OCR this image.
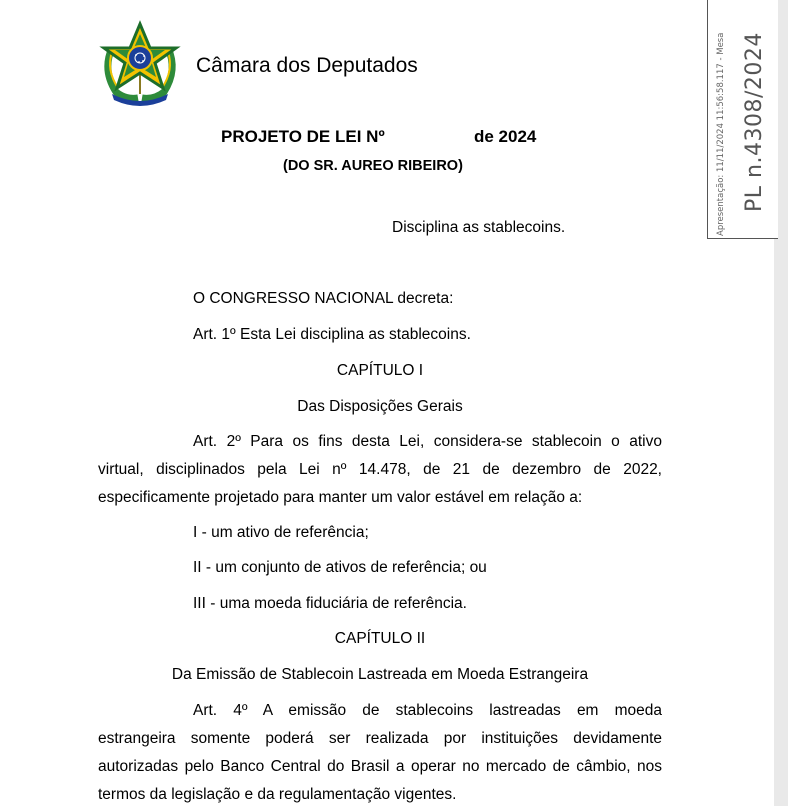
Câmara dos Deputados
PROJETO DE LEI Nº	de 2024
(DO SR. AUREO RIBEIRO)
Disciplina as stablecoins.
O CONGRESSO NACIONAL decreta:
Art. 1º Esta Lei disciplina as stablecoins.
CAPÍTULO I
Das Disposições Gerais
Art. 2º Para os fins desta Lei, considera-se stablecoin o ativo
virtual, disciplinados pela Lei nº 14.478, de 21 de dezembro de 2022,
especificamente projetado para manter um valor estável em relação a:
I - um ativo de referência;
II - um conjunto de ativos de referência; ou
III - uma moeda fiduciária de referência.
CAPÍTULO II
Da Emissão de Stablecoin Lastreada em Moeda Estrangeira
Art. 4º A emissão de stablecoins lastreadas em moeda
estrangeira somente poderá ser realizada por instituições devidamente
autorizadas pelo Banco Central do Brasil a operar no mercado de câmbio, nos
termos da legislação e da regulamentação vigentes.
Apresentação: 11/11/2024 11:56:58.117 - Mesa PL n.4308/2024
